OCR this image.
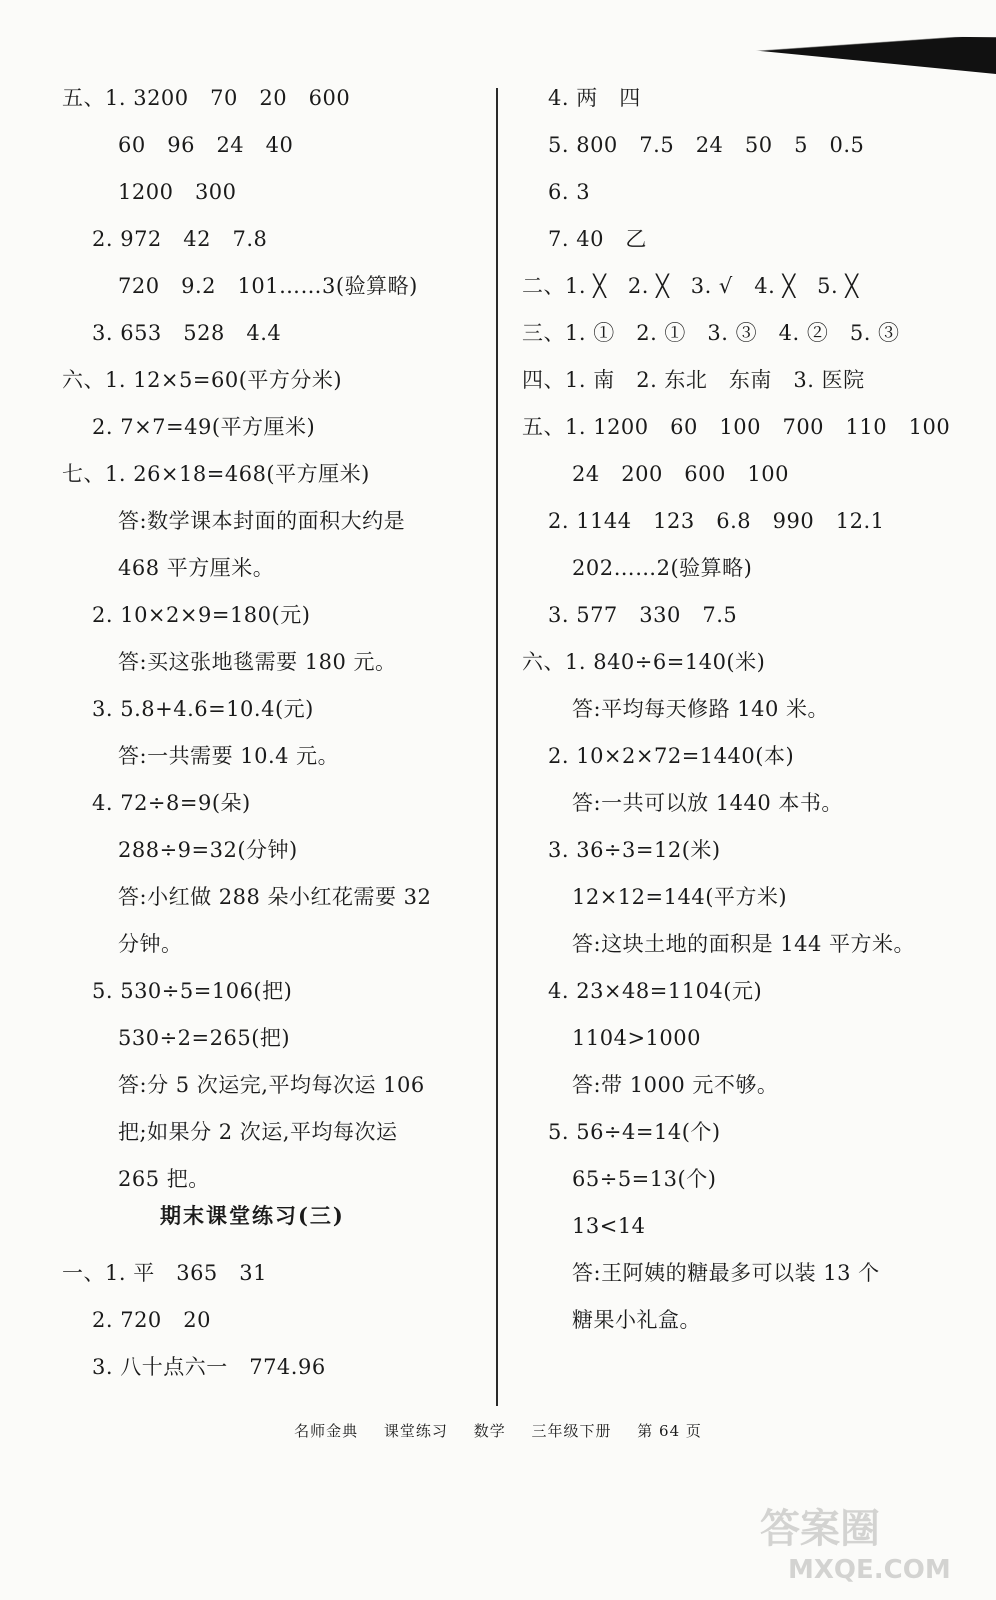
五、1. 3200　70　20　600
60　96　24　40
1200　300
2. 972　42　7.8
720　9.2　101……3(验算略)
3. 653　528　4.4
六、1. 12×5=60(平方分米)
2. 7×7=49(平方厘米)
七、1. 26×18=468(平方厘米)
答:数学课本封面的面积大约是
468 平方厘米。
2. 10×2×9=180(元)
答:买这张地毯需要 180 元。
3. 5.8+4.6=10.4(元)
答:一共需要 10.4 元。
4. 72÷8=9(朵)
288÷9=32(分钟)
答:小红做 288 朵小红花需要 32
分钟。
5. 530÷5=106(把)
530÷2=265(把)
答:分 5 次运完,平均每次运 106
把;如果分 2 次运,平均每次运
265 把。
一、1. 平　365　31
2. 720　20
3. 八十点六一　774.96
期末课堂练习(三)
4. 两　四
5. 800　7.5　24　50　5　0.5
6. 3
7. 40　乙
二、1. ╳　2. ╳　3. √　4. ╳　5. ╳
三、1. ①　2. ①　3. ③　4. ②　5. ③
四、1. 南　2. 东北　东南　3. 医院
五、1. 1200　60　100　700　110　100
24　200　600　100
2. 1144　123　6.8　990　12.1
202……2(验算略)
3. 577　330　7.5
六、1. 840÷6=140(米)
答:平均每天修路 140 米。
2. 10×2×72=1440(本)
答:一共可以放 1440 本书。
3. 36÷3=12(米)
12×12=144(平方米)
答:这块土地的面积是 144 平方米。
4. 23×48=1104(元)
1104>1000
答:带 1000 元不够。
5. 56÷4=14(个)
65÷5=13(个)
13<14
答:王阿姨的糖最多可以装 13 个
糖果小礼盒。
名师金典 课堂练习 数学 三年级下册 第 64 页
答案圈
MXQE.COM
